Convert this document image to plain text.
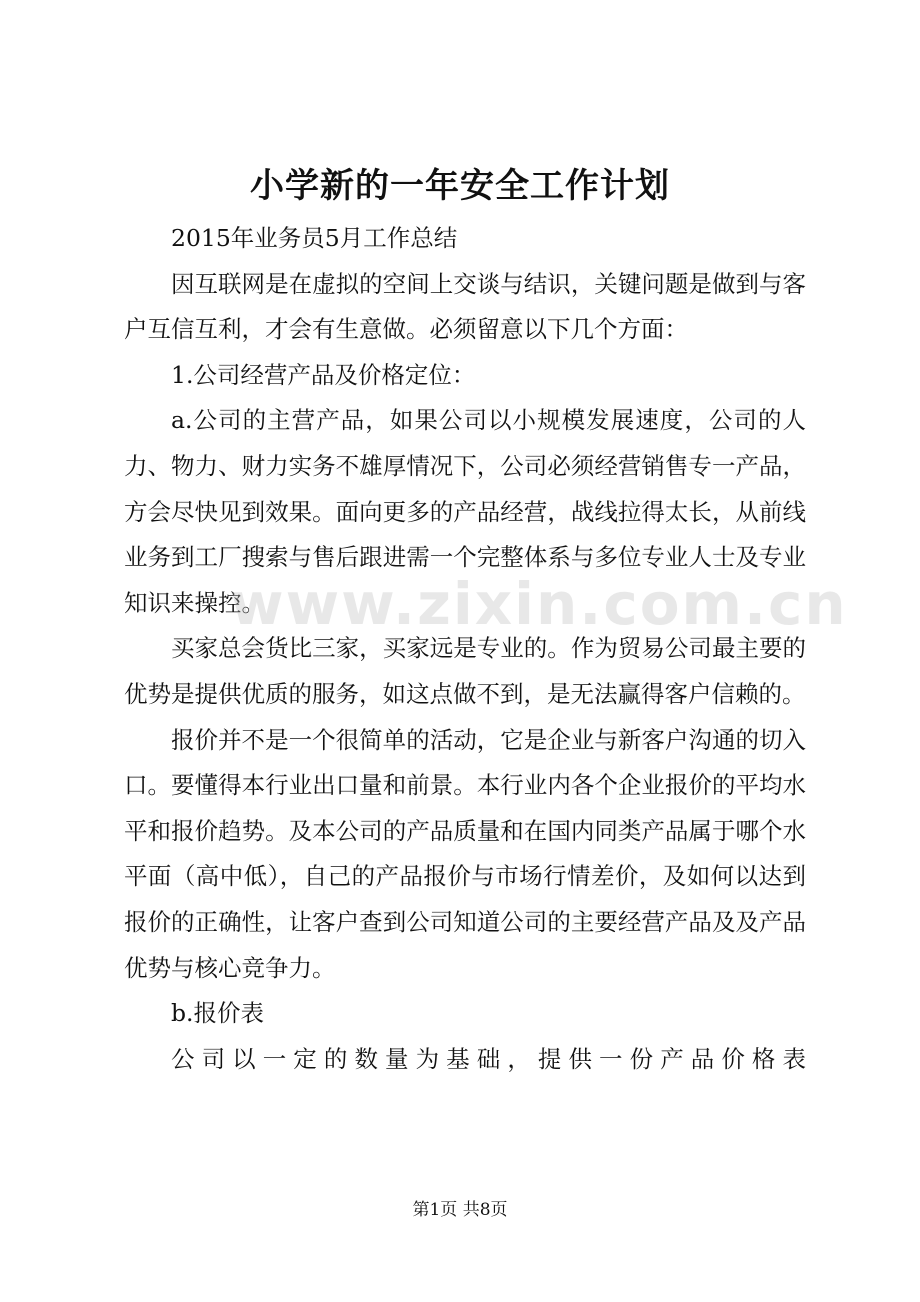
小学新的一年安全工作计划

2015年业务员5月工作总结

因互联网是在虚拟的空间上交谈与结识，关键问题是做到与客户互信互利，才会有生意做。必须留意以下几个方面：

1.公司经营产品及价格定位：

a.公司的主营产品，如果公司以小规模发展速度，公司的人力、物力、财力实务不雄厚情况下，公司必须经营销售专一产品，方会尽快见到效果。面向更多的产品经营，战线拉得太长，从前线业务到工厂搜索与售后跟进需一个完整体系与多位专业人士及专业知识来操控。

买家总会货比三家，买家远是专业的。作为贸易公司最主要的优势是提供优质的服务，如这点做不到，是无法赢得客户信赖的。

报价并不是一个很简单的活动，它是企业与新客户沟通的切入口。要懂得本行业出口量和前景。本行业内各个企业报价的平均水平和报价趋势。及本公司的产品质量和在国内同类产品属于哪个水平面（高中低），自己的产品报价与市场行情差价，及如何以达到报价的正确性，让客户查到公司知道公司的主要经营产品及及产品优势与核心竞争力。

b.报价表

公司以一定的数量为基础，提供一份产品价格表

www.zixin.com.cn
第1页 共8页
